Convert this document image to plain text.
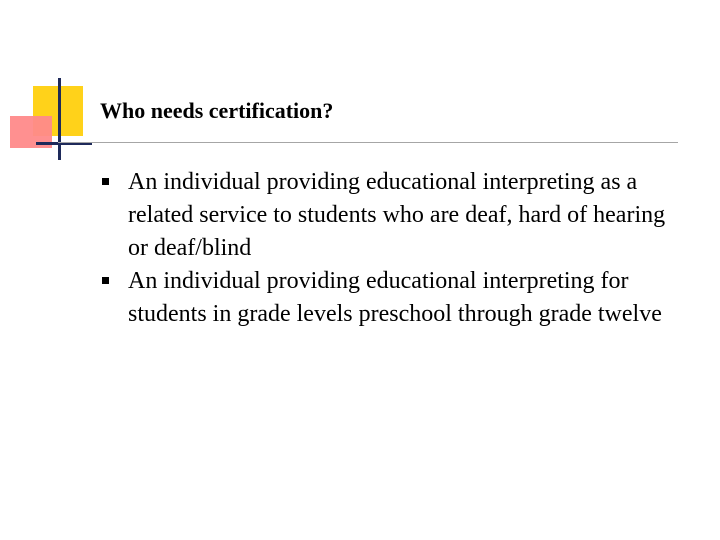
Who needs certification?
An individual providing educational interpreting as a related service to students who are deaf, hard of hearing or deaf/blind
An individual providing educational interpreting for students in grade levels preschool through grade twelve
